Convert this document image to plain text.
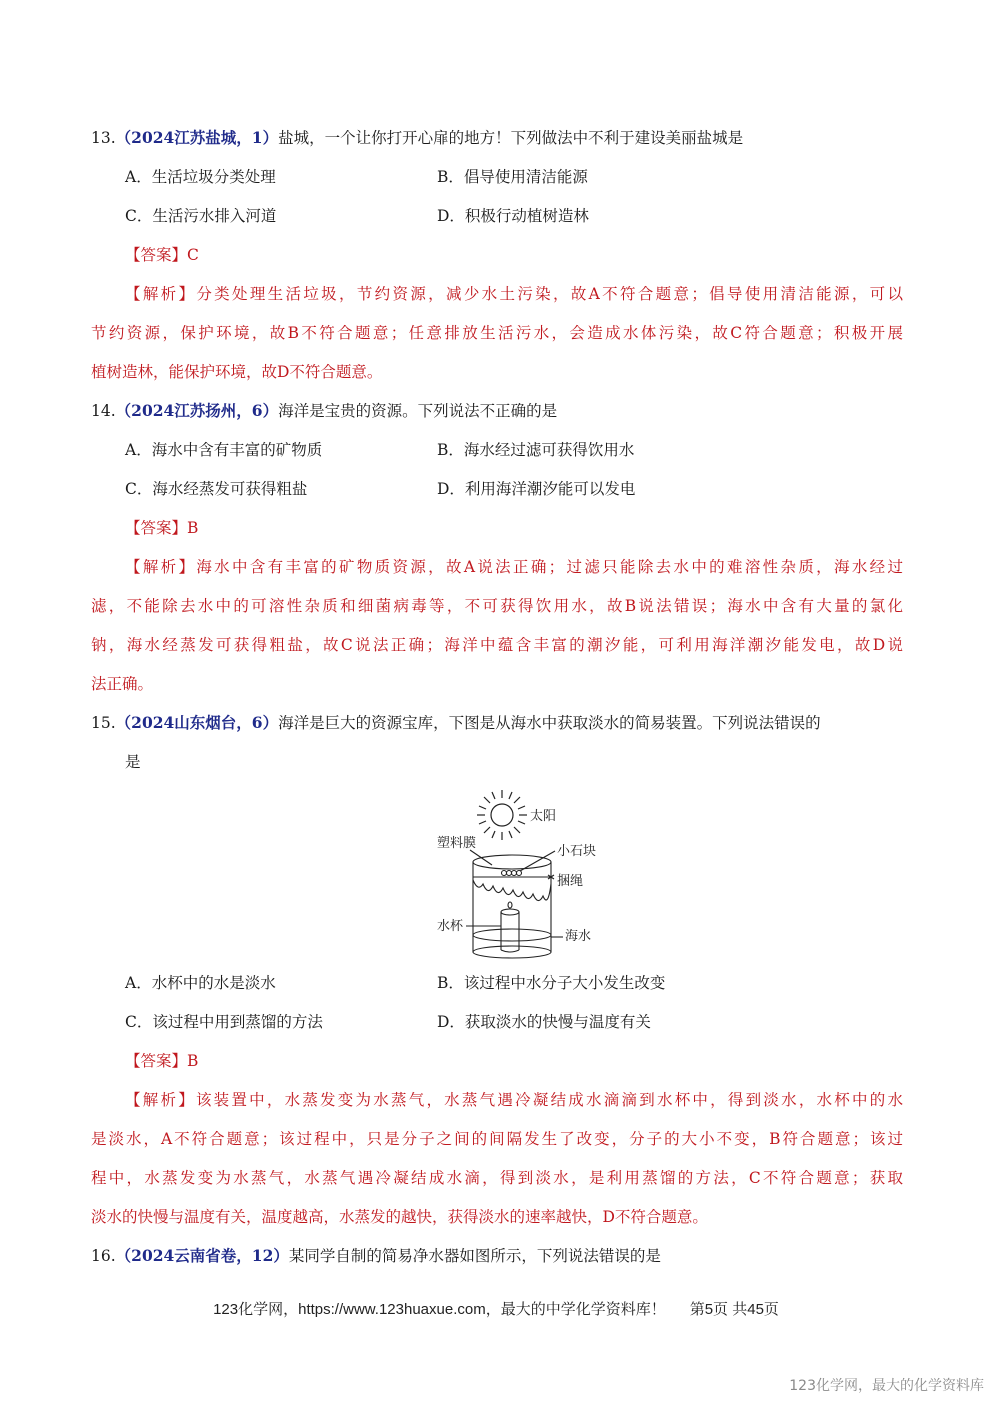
13.（2024江苏盐城，1）盐城，一个让你打开心扉的地方！下列做法中不利于建设美丽盐城是
A．生活垃圾分类处理	B．倡导使用清洁能源
C．生活污水排入河道	D．积极行动植树造林
【答案】C
【解析】分类处理生活垃圾，节约资源，减少水土污染，故A不符合题意；倡导使用清洁能源，可以
节约资源，保护环境，故B不符合题意；任意排放生活污水，会造成水体污染，故C符合题意；积极开展
植树造林，能保护环境，故D不符合题意。
14.（2024江苏扬州，6）海洋是宝贵的资源。下列说法不正确的是
A．海水中含有丰富的矿物质	B．海水经过滤可获得饮用水
C．海水经蒸发可获得粗盐	D．利用海洋潮汐能可以发电
【答案】B
【解析】海水中含有丰富的矿物质资源，故A说法正确；过滤只能除去水中的难溶性杂质，海水经过
滤，不能除去水中的可溶性杂质和细菌病毒等，不可获得饮用水，故B说法错误；海水中含有大量的氯化
钠，海水经蒸发可获得粗盐，故C说法正确；海洋中蕴含丰富的潮汐能，可利用海洋潮汐能发电，故D说
法正确。
15.（2024山东烟台，6）海洋是巨大的资源宝库，下图是从海水中获取淡水的简易装置。下列说法错误的
是
太阳
塑料膜
小石块
捆绳
水杯
海水
A．水杯中的水是淡水	B．该过程中水分子大小发生改变
C．该过程中用到蒸馏的方法	D．获取淡水的快慢与温度有关
【答案】B
【解析】该装置中，水蒸发变为水蒸气，水蒸气遇冷凝结成水滴滴到水杯中，得到淡水，水杯中的水
是淡水，A不符合题意；该过程中，只是分子之间的间隔发生了改变，分子的大小不变，B符合题意；该过
程中，水蒸发变为水蒸气，水蒸气遇冷凝结成水滴，得到淡水，是利用蒸馏的方法，C不符合题意；获取
淡水的快慢与温度有关，温度越高，水蒸发的越快，获得淡水的速率越快，D不符合题意。
16.（2024云南省卷，12）某同学自制的简易净水器如图所示，下列说法错误的是
123化学网，https://www.123huaxue.com，最大的中学化学资料库！ 第5页 共45页
123化学网，最大的化学资料库
